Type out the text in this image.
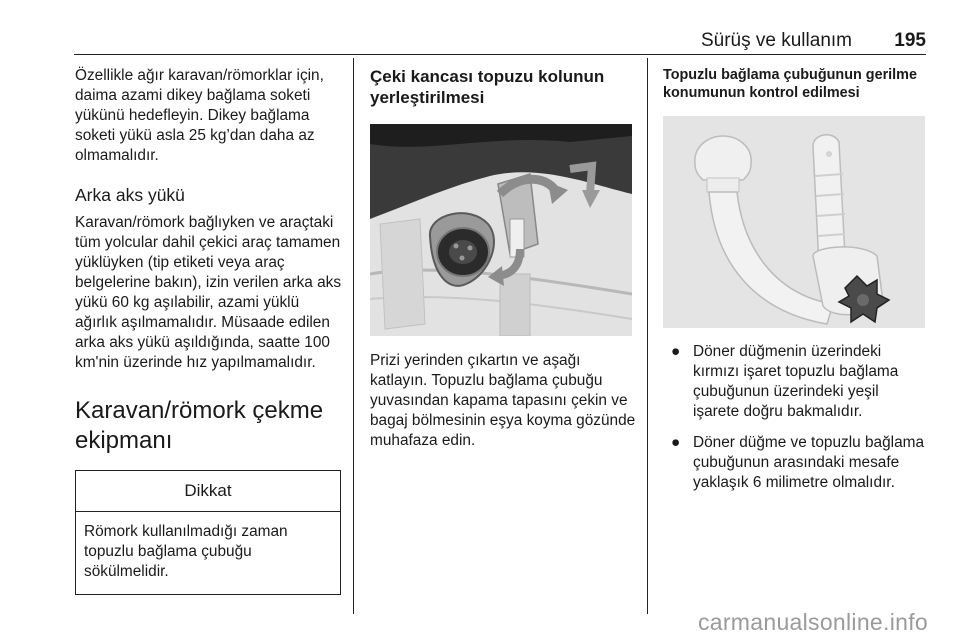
Sürüş ve kullanım 195

Özellikle ağır karavan/römorklar için, daima azami dikey bağlama soketi yükünü hedefleyin. Dikey bağlama soketi yükü asla 25 kg’dan daha az olmamalıdır.

Arka aks yükü

Karavan/römork bağlıyken ve araçtaki tüm yolcular dahil çekici araç tamamen yüklüyken (tip etiketi veya araç belgelerine bakın), izin verilen arka aks yükü 60 kg aşılabilir, azami yüklü ağırlık aşılmamalıdır. Müsaade edilen arka aks yükü aşıldığında, saatte 100 km'nin üzerinde hız yapılmamalıdır.

Karavan/römork çekme ekipmanı
Dikkat
Römork kullanılmadığı zaman topuzlu bağlama çubuğu sökülmelidir.
Çeki kancası topuzu kolunun yerleştirilmesi

Prizi yerinden çıkartın ve aşağı katlayın. Topuzlu bağlama çubuğu yuvasından kapama tapasını çekin ve bagaj bölmesinin eşya koyma gözünde muhafaza edin.

Topuzlu bağlama çubuğunun gerilme konumunun kontrol edilmesi
● Döner düğmenin üzerindeki kırmızı işaret topuzlu bağlama çubuğunun üzerindeki yeşil işarete doğru bakmalıdır.
● Döner düğme ve topuzlu bağlama çubuğunun arasındaki mesafe yaklaşık 6 milimetre olmalıdır.
carmanualsonline.info
